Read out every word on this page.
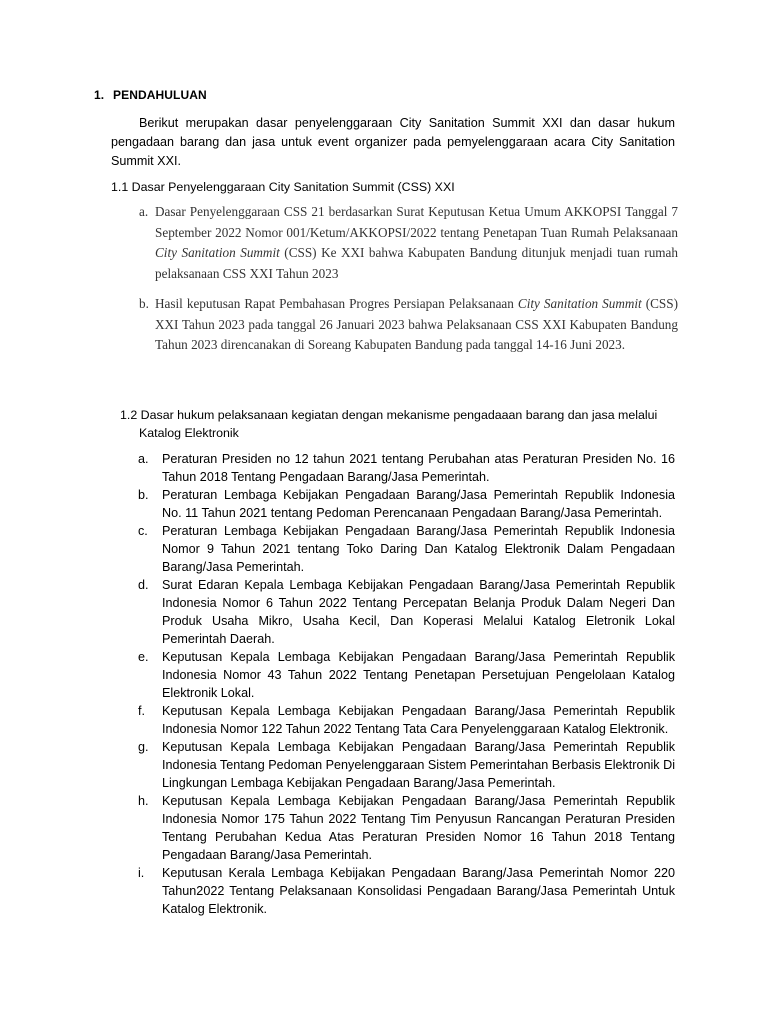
1. PENDAHULUAN

Berikut merupakan dasar penyelenggaraan City Sanitation Summit XXI dan dasar hukum pengadaan barang dan jasa untuk event organizer pada pemyelenggaraan acara City Sanitation Summit XXI.

1.1 Dasar Penyelenggaraan City Sanitation Summit (CSS) XXI
a. Dasar Penyelenggaraan CSS 21 berdasarkan Surat Keputusan Ketua Umum AKKOPSI Tanggal 7 September 2022 Nomor 001/Ketum/AKKOPSI/2022 tentang Penetapan Tuan Rumah Pelaksanaan City Sanitation Summit (CSS) Ke XXI bahwa Kabupaten Bandung ditunjuk menjadi tuan rumah pelaksanaan CSS XXI Tahun 2023
b. Hasil keputusan Rapat Pembahasan Progres Persiapan Pelaksanaan City Sanitation Summit (CSS) XXI Tahun 2023 pada tanggal 26 Januari 2023 bahwa Pelaksanaan CSS XXI Kabupaten Bandung Tahun 2023 direncanakan di Soreang Kabupaten Bandung pada tanggal 14-16 Juni 2023.
1.2 Dasar hukum pelaksanaan kegiatan dengan mekanisme pengadaaan barang dan jasa melalui
Katalog Elektronik
a.	Peraturan Presiden no 12 tahun 2021 tentang Perubahan atas Peraturan Presiden No. 16 Tahun 2018 Tentang Pengadaan Barang/Jasa Pemerintah.
b.	Peraturan Lembaga Kebijakan Pengadaan Barang/Jasa Pemerintah Republik Indonesia No. 11 Tahun 2021 tentang Pedoman Perencanaan Pengadaan Barang/Jasa Pemerintah.
c.	Peraturan Lembaga Kebijakan Pengadaan Barang/Jasa Pemerintah Republik Indonesia Nomor 9 Tahun 2021 tentang Toko Daring Dan Katalog Elektronik Dalam Pengadaan Barang/Jasa Pemerintah.
d.	Surat Edaran Kepala Lembaga Kebijakan Pengadaan Barang/Jasa Pemerintah Republik Indonesia Nomor 6 Tahun 2022 Tentang Percepatan Belanja Produk Dalam Negeri Dan Produk Usaha Mikro, Usaha Kecil, Dan Koperasi Melalui Katalog Eletronik Lokal Pemerintah Daerah.
e.	Keputusan Kepala Lembaga Kebijakan Pengadaan Barang/Jasa Pemerintah Republik Indonesia Nomor 43 Tahun 2022 Tentang Penetapan Persetujuan Pengelolaan Katalog Elektronik Lokal.
f.	Keputusan Kepala Lembaga Kebijakan Pengadaan Barang/Jasa Pemerintah Republik Indonesia Nomor 122 Tahun 2022 Tentang Tata Cara Penyelenggaraan Katalog Elektronik.
g.	Keputusan Kepala Lembaga Kebijakan Pengadaan Barang/Jasa Pemerintah Republik Indonesia Tentang Pedoman Penyelenggaraan Sistem Pemerintahan Berbasis Elektronik Di Lingkungan Lembaga Kebijakan Pengadaan Barang/Jasa Pemerintah.
h.	Keputusan Kepala Lembaga Kebijakan Pengadaan Barang/Jasa Pemerintah Republik Indonesia Nomor 175 Tahun 2022 Tentang Tim Penyusun Rancangan Peraturan Presiden Tentang Perubahan Kedua Atas Peraturan Presiden Nomor 16 Tahun 2018 Tentang Pengadaan Barang/Jasa Pemerintah.
i.	Keputusan Kerala Lembaga Kebijakan Pengadaan Barang/Jasa Pemerintah Nomor 220 Tahun2022 Tentang Pelaksanaan Konsolidasi Pengadaan Barang/Jasa Pemerintah Untuk Katalog Elektronik.
